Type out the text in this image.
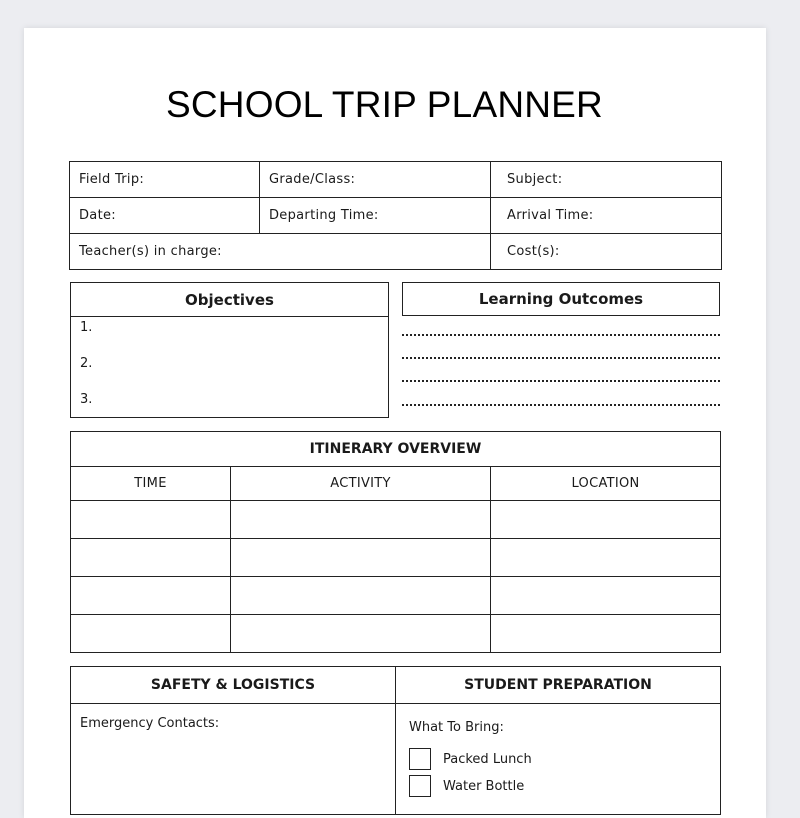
SCHOOL TRIP PLANNER
Field Trip:	Grade/Class:	Subject:
Date:	Departing Time:	Arrival Time:
Teacher(s) in charge:		Cost(s):
Objectives
1.
2.
3.
Learning Outcomes
ITINERARY OVERVIEW		
TIME	ACTIVITY	LOCATION

SAFETY & LOGISTICS	STUDENT PREPARATION

Emergency Contacts:	What To Bring:
Packed Lunch
Water Bottle
